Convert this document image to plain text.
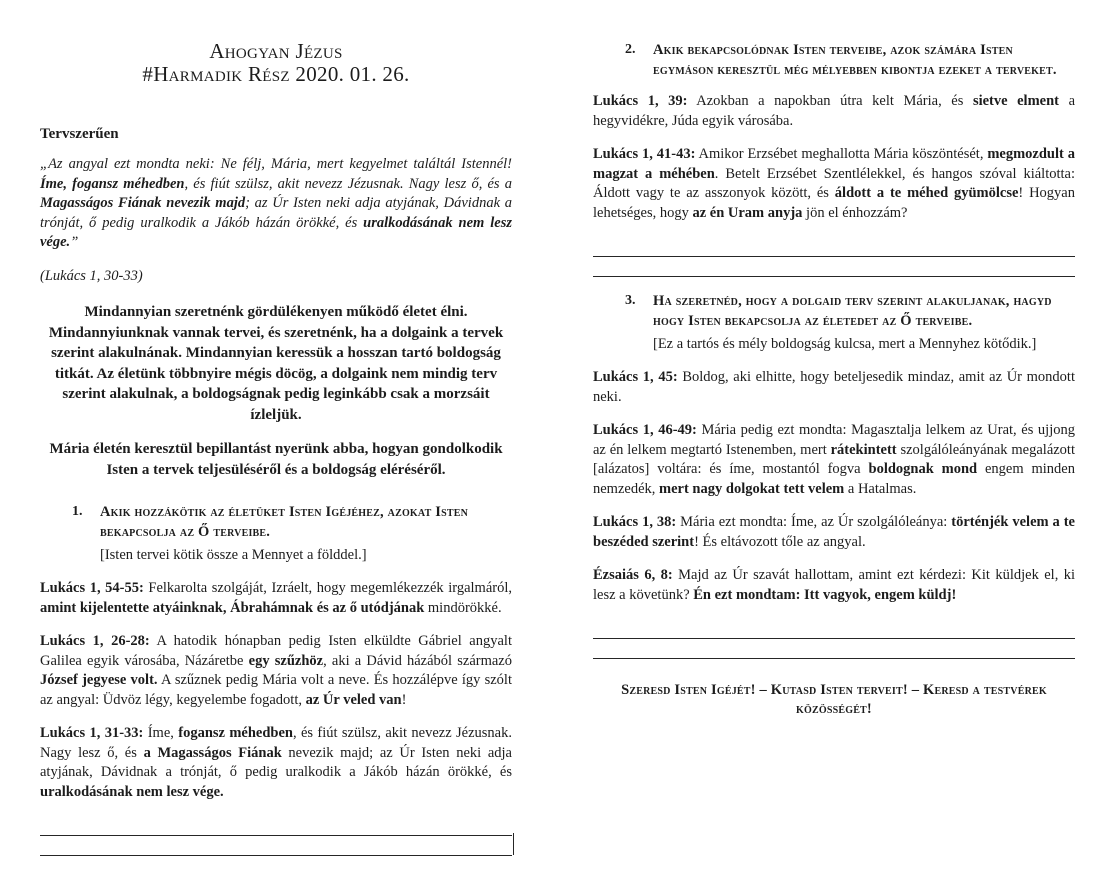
Ahogyan Jézus
#Harmadik Rész 2020. 01. 26.
Tervszerűen

„Az angyal ezt mondta neki: Ne félj, Mária, mert kegyelmet találtál Istennél! Íme, fogansz méhedben, és fiút szülsz, akit nevezz Jézusnak. Nagy lesz ő, és a Magasságos Fiának nevezik majd; az Úr Isten neki adja atyjának, Dávidnak a trónját, ő pedig uralkodik a Jákób házán örökké, és uralkodásának nem lesz vége.”

(Lukács 1, 30-33)

Mindannyian szeretnénk gördülékenyen működő életet élni. Mindannyiunknak vannak tervei, és szeretnénk, ha a dolgaink a tervek szerint alakulnának. Mindannyian keressük a hosszan tartó boldogság titkát. Az életünk többnyire mégis döcög, a dolgaink nem mindig terv szerint alakulnak, a boldogságnak pedig leginkább csak a morzsáit ízleljük.

Mária életén keresztül bepillantást nyerünk abba, hogyan gondolkodik Isten a tervek teljesüléséről és a boldogság eléréséről.

1.	Akik hozzákötik az életüket Isten Igéjéhez, azokat Isten bekapcsolja az Ő terveibe.

[Isten tervei kötik össze a Mennyet a földdel.]

Lukács 1, 54-55: Felkarolta szolgáját, Izráelt, hogy megemlékezzék irgalmáról, amint kijelentette atyáinknak, Ábrahámnak és az ő utódjának mindörökké.

Lukács 1, 26-28: A hatodik hónapban pedig Isten elküldte Gábriel angyalt Galilea egyik városába, Názáretbe egy szűzhöz, aki a Dávid házából származó József jegyese volt. A szűznek pedig Mária volt a neve. És hozzálépve így szólt az angyal: Üdvöz légy, kegyelembe fogadott, az Úr veled van!

Lukács 1, 31-33: Íme, fogansz méhedben, és fiút szülsz, akit nevezz Jézusnak. Nagy lesz ő, és a Magasságos Fiának nevezik majd; az Úr Isten neki adja atyjának, Dávidnak a trónját, ő pedig uralkodik a Jákób házán örökké, és uralkodásának nem lesz vége.

2.	Akik bekapcsolódnak Isten terveibe, azok számára Isten egymáson keresztül még mélyebben kibontja ezeket a terveket.

Lukács 1, 39: Azokban a napokban útra kelt Mária, és sietve elment a hegyvidékre, Júda egyik városába.

Lukács 1, 41-43: Amikor Erzsébet meghallotta Mária köszöntését, megmozdult a magzat a méhében. Betelt Erzsébet Szentlélekkel, és hangos szóval kiáltotta: Áldott vagy te az asszonyok között, és áldott a te méhed gyümölcse! Hogyan lehetséges, hogy az én Uram anyja jön el énhozzám?

3.	Ha szeretnéd, hogy a dolgaid terv szerint alakuljanak, hagyd hogy Isten bekapcsolja az életedet az Ő terveibe.

[Ez a tartós és mély boldogság kulcsa, mert a Mennyhez kötődik.]

Lukács 1, 45: Boldog, aki elhitte, hogy beteljesedik mindaz, amit az Úr mondott neki.

Lukács 1, 46-49: Mária pedig ezt mondta: Magasztalja lelkem az Urat, és ujjong az én lelkem megtartó Istenemben, mert rátekintett szolgálóleányának megalázott [alázatos] voltára: és íme, mostantól fogva boldognak mond engem minden nemzedék, mert nagy dolgokat tett velem a Hatalmas.

Lukács 1, 38: Mária ezt mondta: Íme, az Úr szolgálóleánya: történjék velem a te beszéded szerint! És eltávozott tőle az angyal.

Ézsaiás 6, 8: Majd az Úr szavát hallottam, amint ezt kérdezi: Kit küldjek el, ki lesz a követünk? Én ezt mondtam: Itt vagyok, engem küldj!

Szeresd Isten Igéjét! – Kutasd Isten terveit! – Keresd a testvérek közösségét!
